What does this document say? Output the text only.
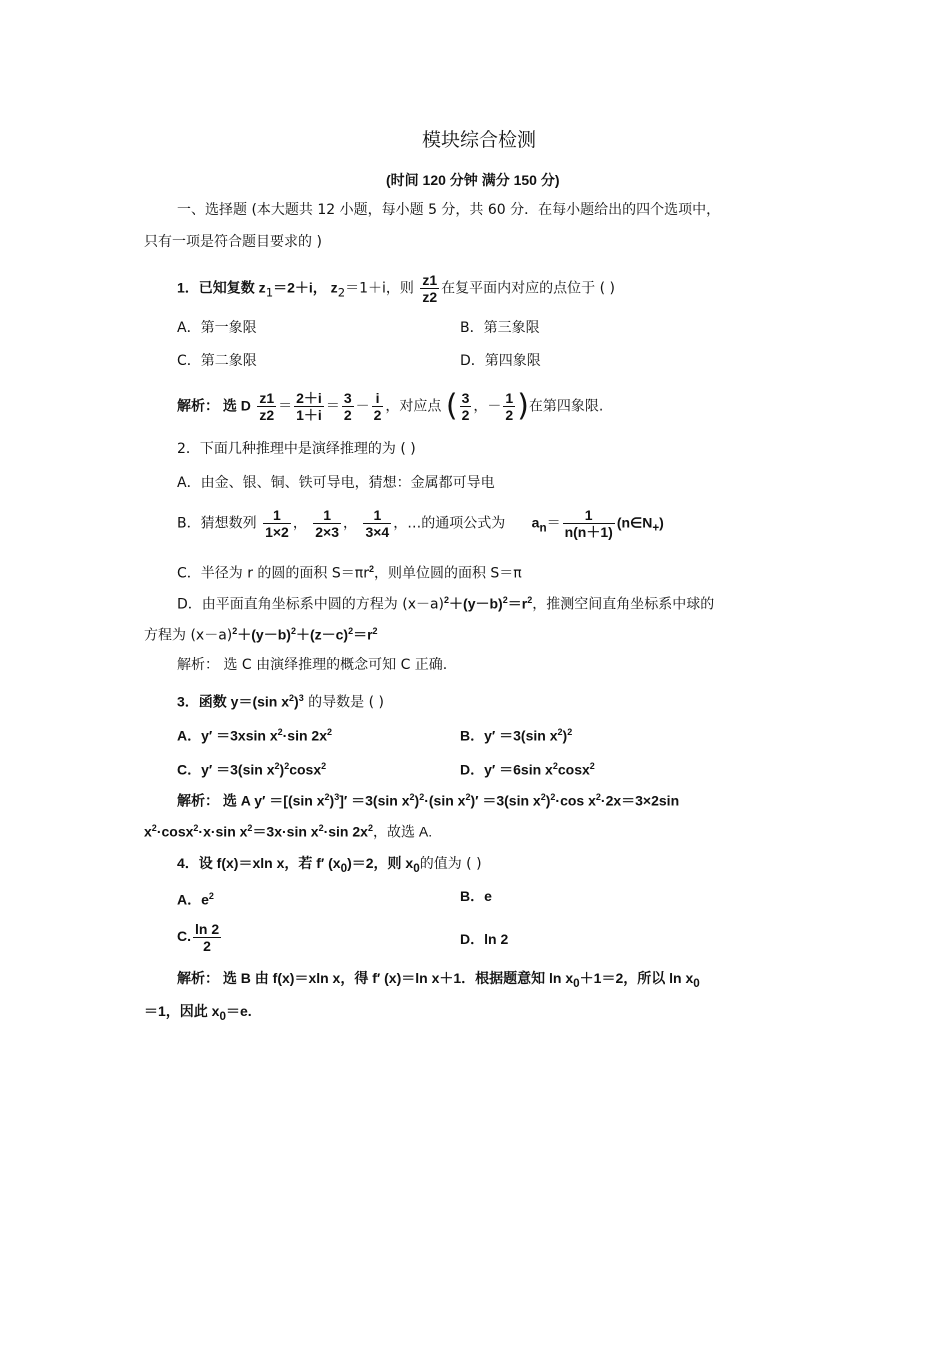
模块综合检测
(时间 120 分钟 满分 150 分)
一、选择题 (本大题共 12 小题，每小题 5 分，共 60 分．在每小题给出的四个选项中，
只有一项是符合题目要求的 )
1．已知复数 $z_1=2+i$， $z_2=1+i$，则 $\frac{z1}{z2}$ 在复平面内对应的点位于 ( )
A．第一象限	B．第三象限
C．第二象限	D．第四象限
解析： 选 D $\frac{z1}{z2} = \frac{2+i}{1+i} = \frac{3}{2} - \frac{i}{2}$ ，对应点 ( $\frac{3}{2}$ ，－ $\frac{1}{2}$ )在第四象限.
2．下面几种推理中是演绎推理的为 ( )
A．由金、银、铜、铁可导电，猜想：金属都可导电
B．猜想数列 $\frac{1}{1\times 2}$ ， $\frac{1}{2\times 3}$ ， $\frac{1}{3\times 4}$ ，…的通项公式为 $a_n= \frac{1}{n(n+1)}$ $(n\in N_+)$
C．半径为 r 的圆的面积 $S=\pi r^2$，则单位圆的面积 S＝π
D．由平面直角坐标系中圆的方程为 $(x-a)^2+(y-b)^2=r^2$，推测空间直角坐标系中球的
方程为 $(x-a)^2+(y-b)^2+(z-c)^2=r^2$
解析： 选 C 由演绎推理的概念可知 C 正确.
3．函数 y＝(sin $x^2)^3$ 的导数是 ( )
A．y′ ＝3xsin $x^2\cdot\sin$ $2x^2$	B．y′ ＝3(sin $x^2)^2$
C．y′ ＝3(sin $x^2)^2\cos x^2$	D．y′ ＝6sin $x^2\cos x^2$
解析： 选 A y′ ＝[(sin $x^2)^3]' =3(\sin$ $x^2)^2\cdot(\sin$ $x^2)' =3(\sin$ $x^2)^2\cdot\cos$ $x^2\cdot 2x=3\times 2\sin$
$x^2\cdot\cos x^2\cdot x\cdot\sin$ $x^2=3x\cdot\sin$ $x^2\cdot\sin$ $2x^2$，故选 A.
4．设 f(x)＝xln x，若 f′ $(x_0)=2$，则 $x_0$的值为 ( )
A．$e^2$	B．e
C. $\frac{\ln 2}{2}$	D．ln 2
解析： 选 B 由 f(x)＝xln x，得 f′ (x)＝ln x＋1．根据题意知 $\ln x_0+1=2$，所以 $\ln x_0$
＝1，因此 $x_0=e$.
